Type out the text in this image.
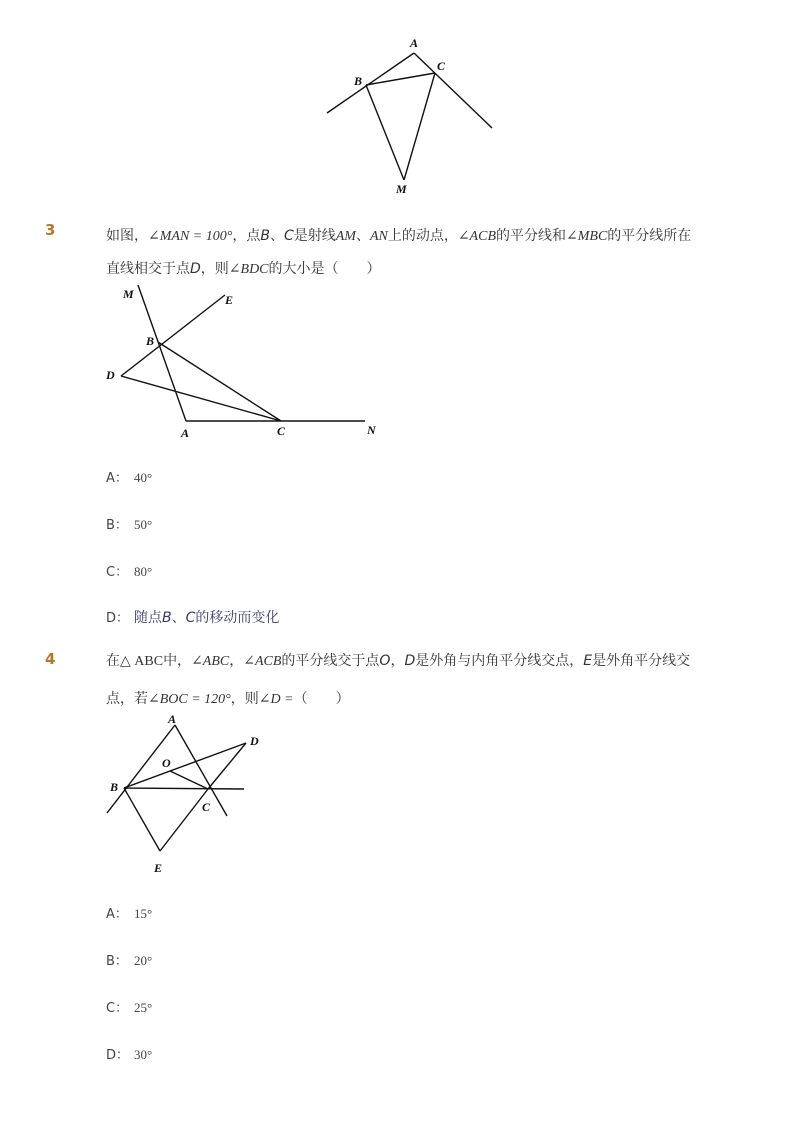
A
B
C
M
3	如图，∠MAN = 100°，点B、C是射线AM、AN上的动点，∠ACB的平分线和∠MBC的平分线所在
直线相交于点D，则∠BDC的大小是（　　）
M	E
B
D
A	C	N
A： 40°
B： 50°
C： 80°
D： 随点B、C的移动而变化
4	在△ ABC中，∠ABC，∠ACB的平分线交于点O，D是外角与内角平分线交点，E是外角平分线交
点，若∠BOC = 120°，则∠D =（　　）
A
D
O
B
C
E
A： 15°
B： 20°
C： 25°
D： 30°
